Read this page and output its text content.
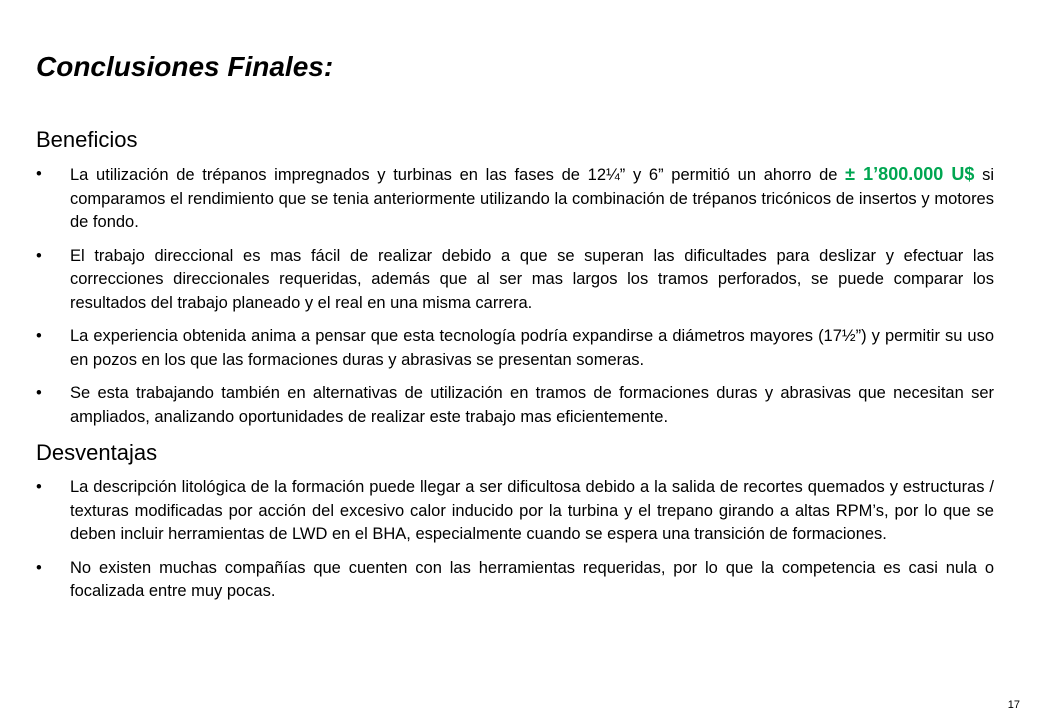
Conclusiones Finales:
Beneficios
• La utilización de trépanos impregnados y turbinas en las fases de 12¼” y 6” permitió un ahorro de ± 1’800.000 U$ si comparamos el rendimiento que se tenia anteriormente utilizando la combinación de trépanos tricónicos de insertos y motores de fondo.
• El trabajo direccional es mas fácil de realizar debido a que se superan las dificultades para deslizar y efectuar las correcciones direccionales requeridas, además que al ser mas largos los tramos perforados, se puede comparar los resultados del trabajo planeado y el real en una misma carrera.
• La experiencia obtenida anima a pensar que esta tecnología podría expandirse a diámetros mayores (17½”) y permitir su uso en pozos en los que las formaciones duras y abrasivas se presentan someras.
• Se esta trabajando también en alternativas de utilización en tramos de formaciones duras y abrasivas que necesitan ser ampliados, analizando oportunidades de realizar este trabajo mas eficientemente.
Desventajas
• La descripción litológica de la formación puede llegar a ser dificultosa debido a la salida de recortes quemados y estructuras / texturas modificadas por acción del excesivo calor inducido por la turbina y el trepano girando a altas RPM’s, por lo que se deben incluir herramientas de LWD en el BHA, especialmente cuando se espera una transición de formaciones.
• No existen muchas compañías que cuenten con las herramientas requeridas, por lo que la competencia es casi nula o focalizada entre muy pocas.
17
